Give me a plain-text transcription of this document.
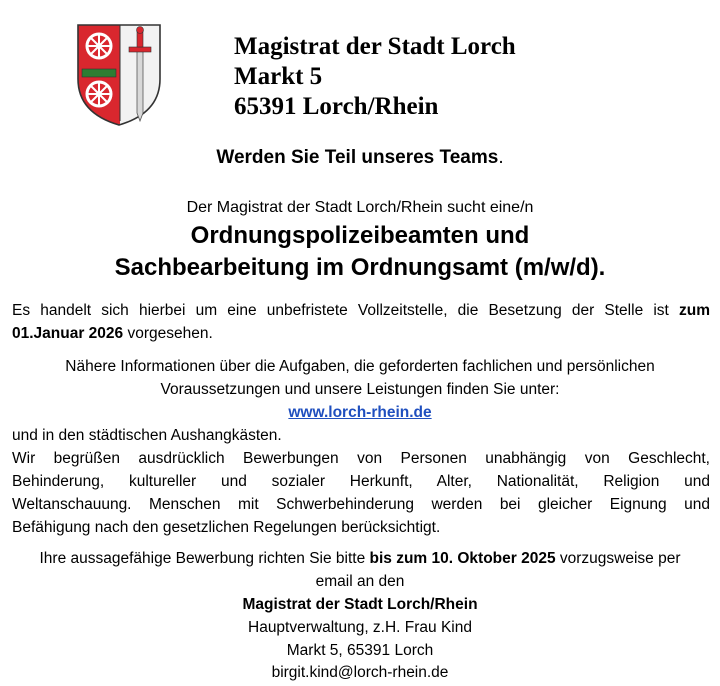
Magistrat der Stadt Lorch
Markt 5
65391 Lorch/Rhein
Werden Sie Teil unseres Teams.
Der Magistrat der Stadt Lorch/Rhein sucht eine/n
Ordnungspolizeibeamten und
Sachbearbeitung im Ordnungsamt (m/w/d).
Es handelt sich hierbei um eine unbefristete Vollzeitstelle, die Besetzung der Stelle ist zum
01.Januar 2026 vorgesehen.
Nähere Informationen über die Aufgaben, die geforderten fachlichen und persönlichen
Voraussetzungen und unsere Leistungen finden Sie unter:
www.lorch-rhein.de
und in den städtischen Aushangkästen.
Wir begrüßen ausdrücklich Bewerbungen von Personen unabhängig von Geschlecht,
Behinderung, kultureller und sozialer Herkunft, Alter, Nationalität, Religion und
Weltanschauung. Menschen mit Schwerbehinderung werden bei gleicher Eignung und
Befähigung nach den gesetzlichen Regelungen berücksichtigt.
Ihre aussagefähige Bewerbung richten Sie bitte bis zum 10. Oktober 2025 vorzugsweise per
email an den
Magistrat der Stadt Lorch/Rhein
Hauptverwaltung, z.H. Frau Kind
Markt 5, 65391 Lorch
birgit.kind@lorch-rhein.de
